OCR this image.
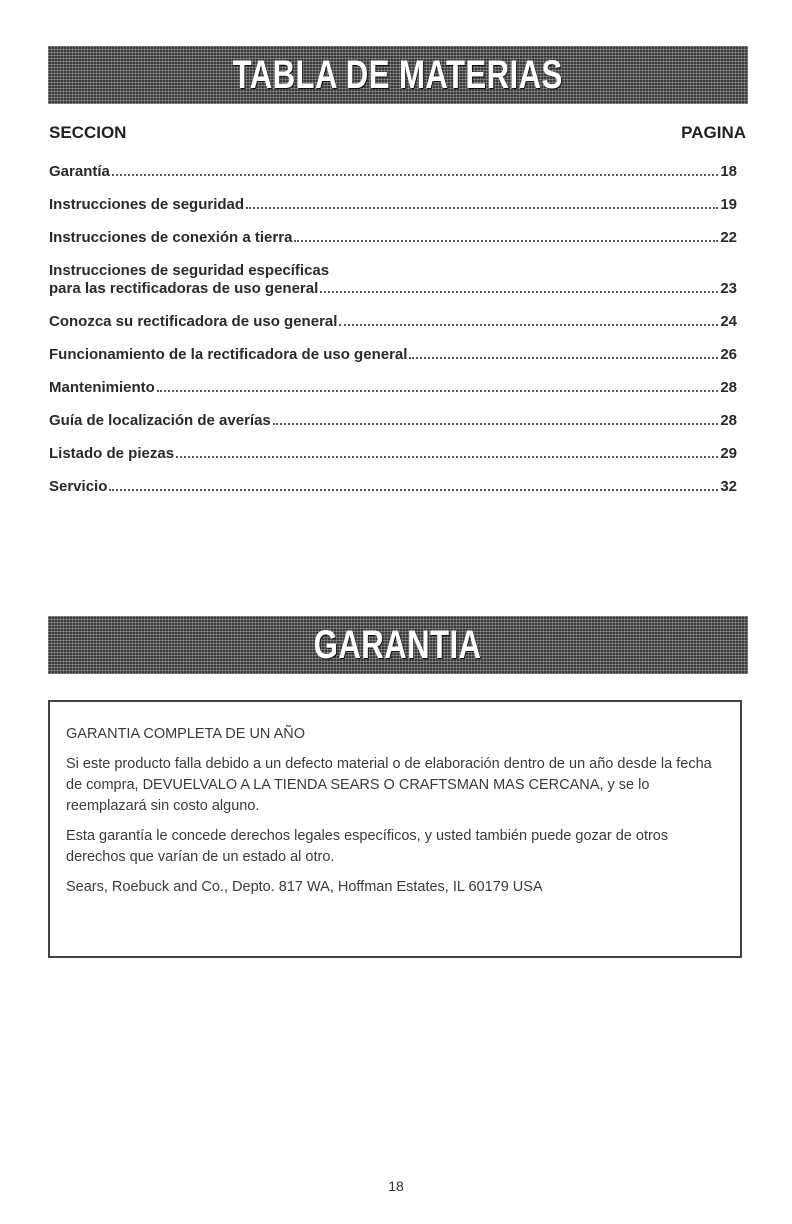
TABLA DE MATERIAS
SECCION	PAGINA
Garantía	18
Instrucciones de seguridad	19
Instrucciones de conexión a tierra	22
Instrucciones de seguridad específicas
para las rectificadoras de uso general	23
Conozca su rectificadora de uso general	24
Funcionamiento de la rectificadora de uso general	26
Mantenimiento	28
Guía de localización de averías	28
Listado de piezas	29
Servicio	32
GARANTIA

GARANTIA COMPLETA DE UN AÑO

Si este producto falla debido a un defecto material o de elaboración dentro de un año desde la fecha de compra, DEVUELVALO A LA TIENDA SEARS O CRAFTSMAN MAS CERCANA, y se lo reemplazará sin costo alguno.

Esta garantía le concede derechos legales específicos, y usted también puede gozar de otros derechos que varían de un estado al otro.

Sears, Roebuck and Co., Depto. 817 WA, Hoffman Estates, IL 60179 USA

18
